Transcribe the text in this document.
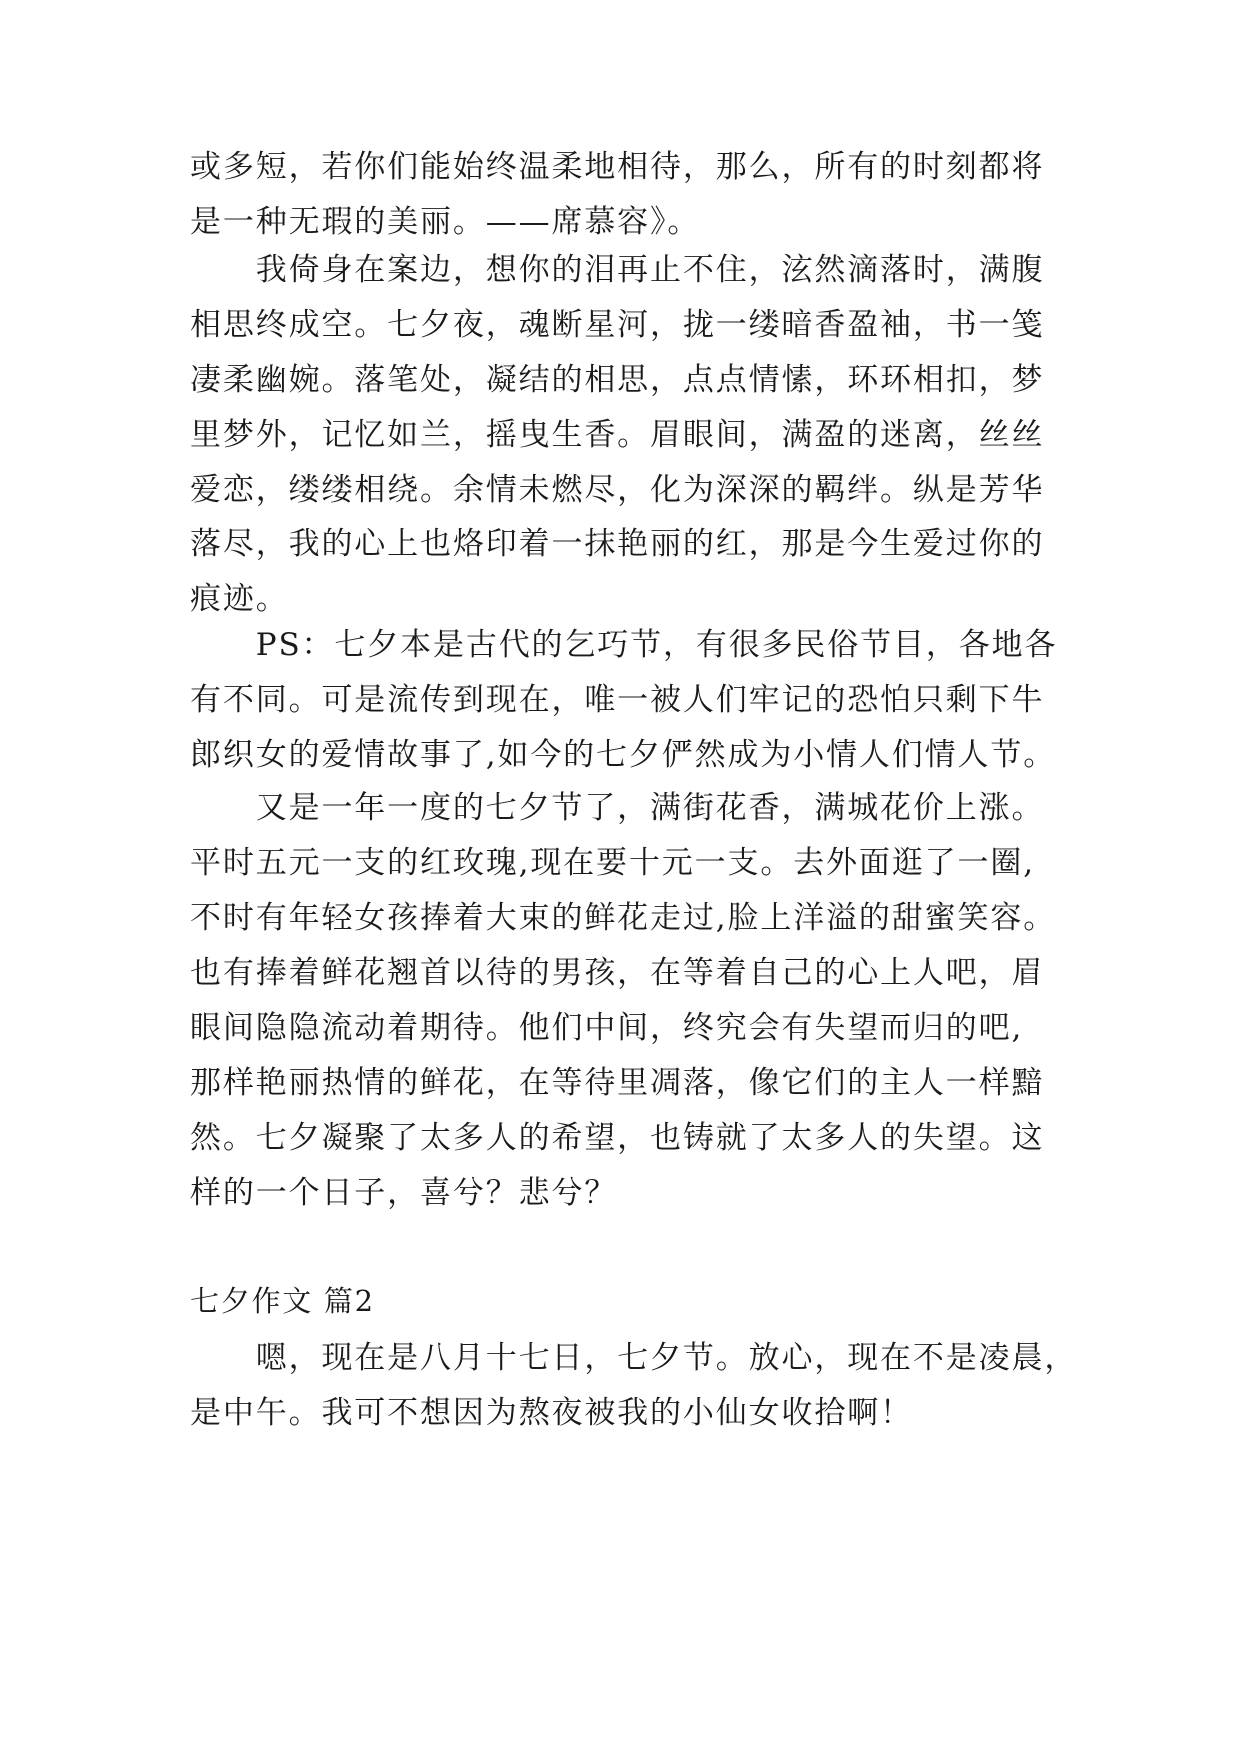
或多短，若你们能始终温柔地相待，那么，所有的时刻都将

是一种无瑕的美丽。——席慕容》。

　　我倚身在案边，想你的泪再止不住，泫然滴落时，满腹

相思终成空。七夕夜，魂断星河，拢一缕暗香盈袖，书一笺

凄柔幽婉。落笔处，凝结的相思，点点情愫，环环相扣，梦

里梦外，记忆如兰，摇曳生香。眉眼间，满盈的迷离，丝丝

爱恋，缕缕相绕。余情未燃尽，化为深深的羁绊。纵是芳华

落尽，我的心上也烙印着一抹艳丽的红，那是今生爱过你的

痕迹。

　　PS：七夕本是古代的乞巧节，有很多民俗节目，各地各

有不同。可是流传到现在，唯一被人们牢记的恐怕只剩下牛

郎织女的爱情故事了,如今的七夕俨然成为小情人们情人节。

　　又是一年一度的七夕节了，满街花香，满城花价上涨。

平时五元一支的红玫瑰,现在要十元一支。去外面逛了一圈,

不时有年轻女孩捧着大束的鲜花走过,脸上洋溢的甜蜜笑容。

也有捧着鲜花翘首以待的男孩，在等着自己的心上人吧，眉

眼间隐隐流动着期待。他们中间，终究会有失望而归的吧,

那样艳丽热情的鲜花，在等待里凋落，像它们的主人一样黯

然。七夕凝聚了太多人的希望，也铸就了太多人的失望。这

样的一个日子，喜兮？悲兮？

七夕作文 篇2

　　嗯，现在是八月十七日，七夕节。放心，现在不是凌晨，

是中午。我可不想因为熬夜被我的小仙女收拾啊！
